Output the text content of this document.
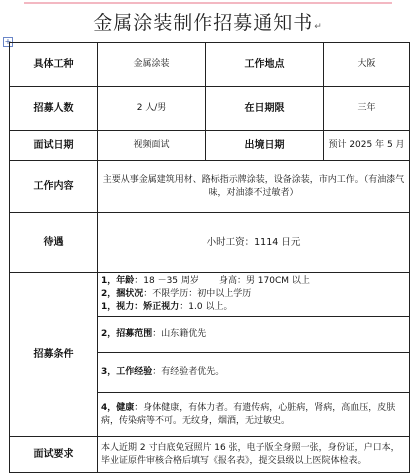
金属涂装制作招募通知书↵
+
具体工种	金属涂装	工作地点	大阪
招募人数	2 人/男	在日期限	三年
面试日期	视频面试	出境日期	预计 2025 年 5 月
工作内容	主要从事金属建筑用材、路标指示牌涂装，设备涂装，市内工作。（有油漆气味，对油漆不过敏者）		
待遇	小时工资：1114 日元		
招募条件	1，年龄：18 －35 周岁 身高：男 170CM 以上
2，捆状况：不限学历：初中以上学历
1，视力：矫正视力：1.0 以上。		

	2，招募范围：山东籍优先		
	3，工作经验：有经验者优先。		
	4，健康：身体健康，有体力者。有遗传病，心脏病，肾病，高血压，皮肤病，传染病等不可。无纹身，烟酒，无过敏史。		
面试要求	本人近期 2 寸白底免冠照片 16 张，电子版全身照一张，身份证，户口本，毕业证原件审核合格后填写《报名表》，提交县级以上医院体检表。		
